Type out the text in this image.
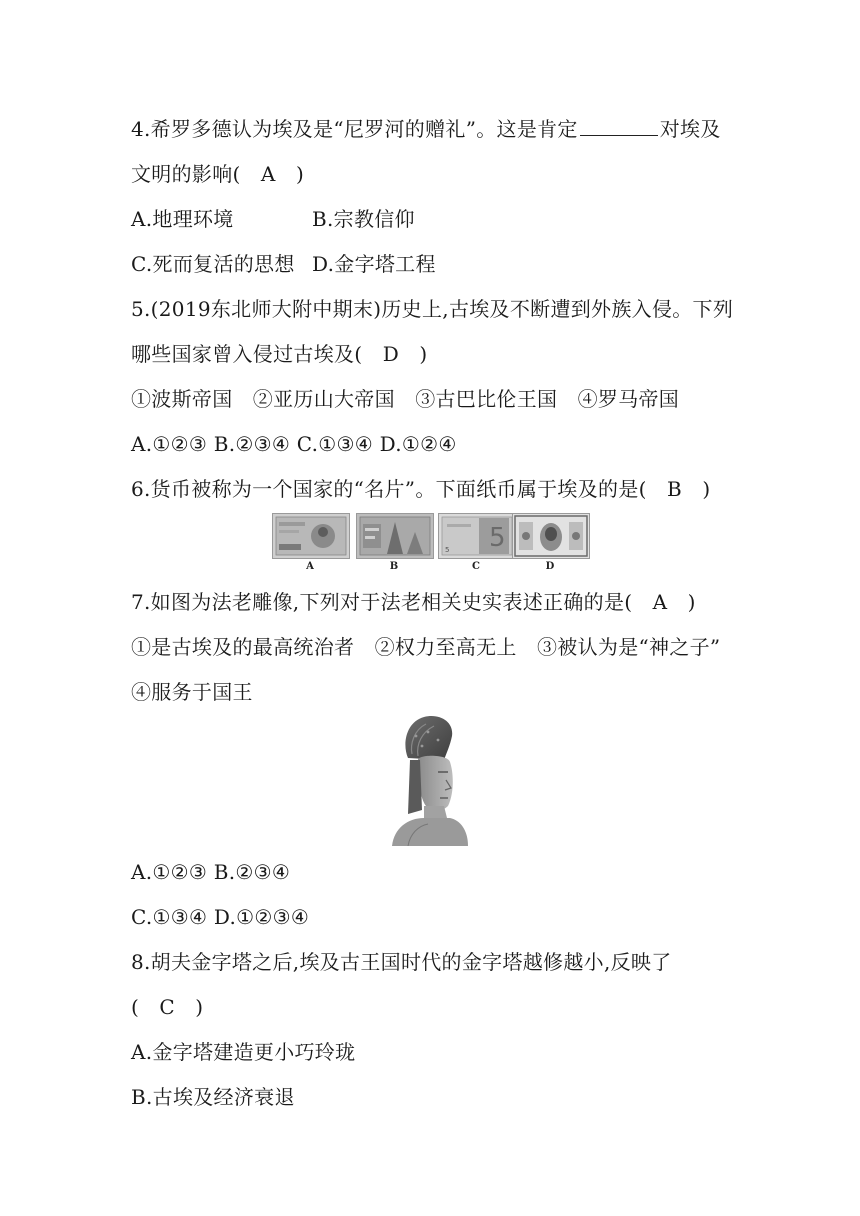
4.希罗多德认为埃及是“尼罗河的赠礼”。这是肯定	对埃及
文明的影响(　A　)
A.地理环境	B.宗教信仰
C.死而复活的思想 D.金字塔工程
5.(2019东北师大附中期末)历史上,古埃及不断遭到外族入侵。下列
哪些国家曾入侵过古埃及(　D　)
①波斯帝国　②亚历山大帝国　③古巴比伦王国　④罗马帝国
A.①②③ B.②③④ C.①③④ D.①②④
6.货币被称为一个国家的“名片”。下面纸币属于埃及的是(　B　)
A	B
5
5
C	D
7.如图为法老雕像,下列对于法老相关史实表述正确的是(　A　)
①是古埃及的最高统治者　②权力至高无上　③被认为是“神之子”
④服务于国王
A.①②③ B.②③④
C.①③④ D.①②③④
8.胡夫金字塔之后,埃及古王国时代的金字塔越修越小,反映了
(　C　)
A.金字塔建造更小巧玲珑
B.古埃及经济衰退
